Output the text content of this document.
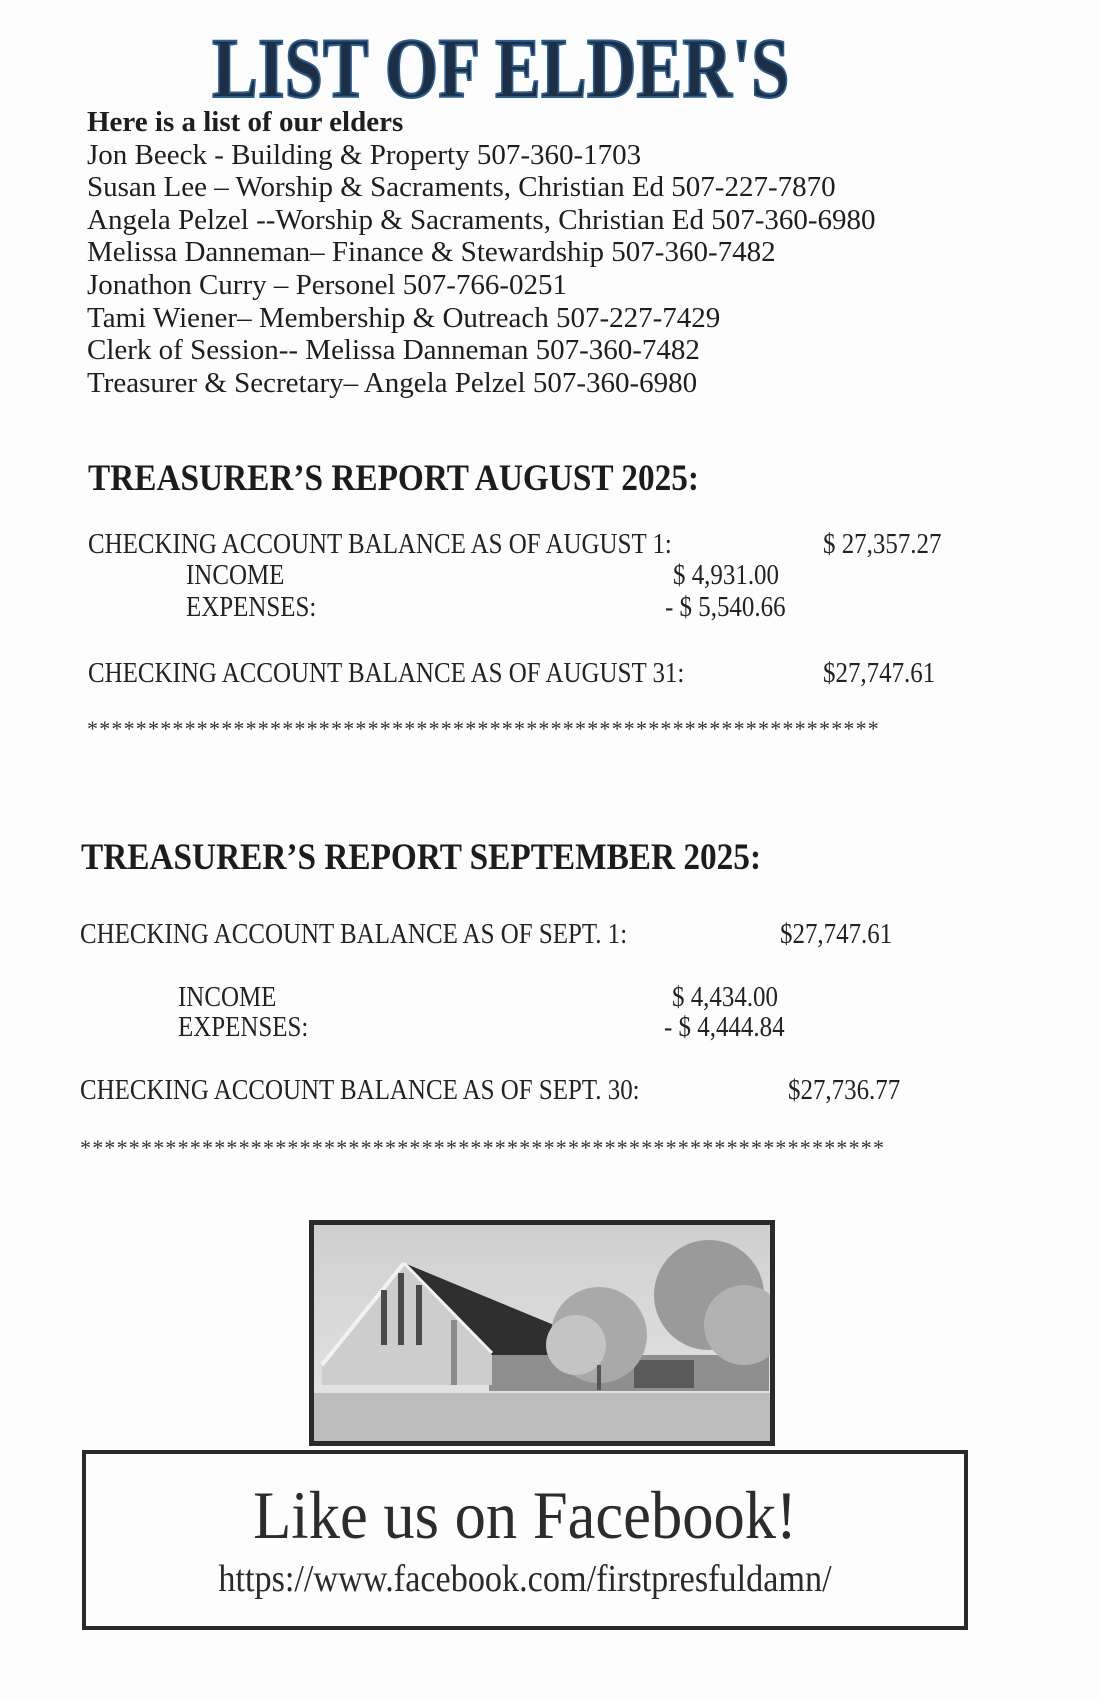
LIST OF ELDER'S
Here is a list of our elders
Jon Beeck - Building & Property 507-360-1703
Susan Lee – Worship & Sacraments, Christian Ed 507-227-7870
Angela Pelzel --Worship & Sacraments, Christian Ed 507-360-6980
Melissa Danneman– Finance & Stewardship 507-360-7482
Jonathon Curry – Personel 507-766-0251
Tami Wiener– Membership & Outreach 507-227-7429
Clerk of Session-- Melissa Danneman 507-360-7482
Treasurer & Secretary– Angela Pelzel 507-360-6980
TREASURER’S REPORT AUGUST 2025:
CHECKING ACCOUNT BALANCE AS OF AUGUST 1:	$ 27,357.27
INCOME	$ 4,931.00
EXPENSES:	- $ 5,540.66
CHECKING ACCOUNT BALANCE AS OF AUGUST 31:	$27,747.61
*****************************************************************
TREASURER’S REPORT SEPTEMBER 2025:
CHECKING ACCOUNT BALANCE AS OF SEPT. 1:	$27,747.61
INCOME	$ 4,434.00
EXPENSES:	- $ 4,444.84
CHECKING ACCOUNT BALANCE AS OF SEPT. 30:	$27,736.77
******************************************************************
Like us on Facebook!
https://www.facebook.com/firstpresfuldamn/
